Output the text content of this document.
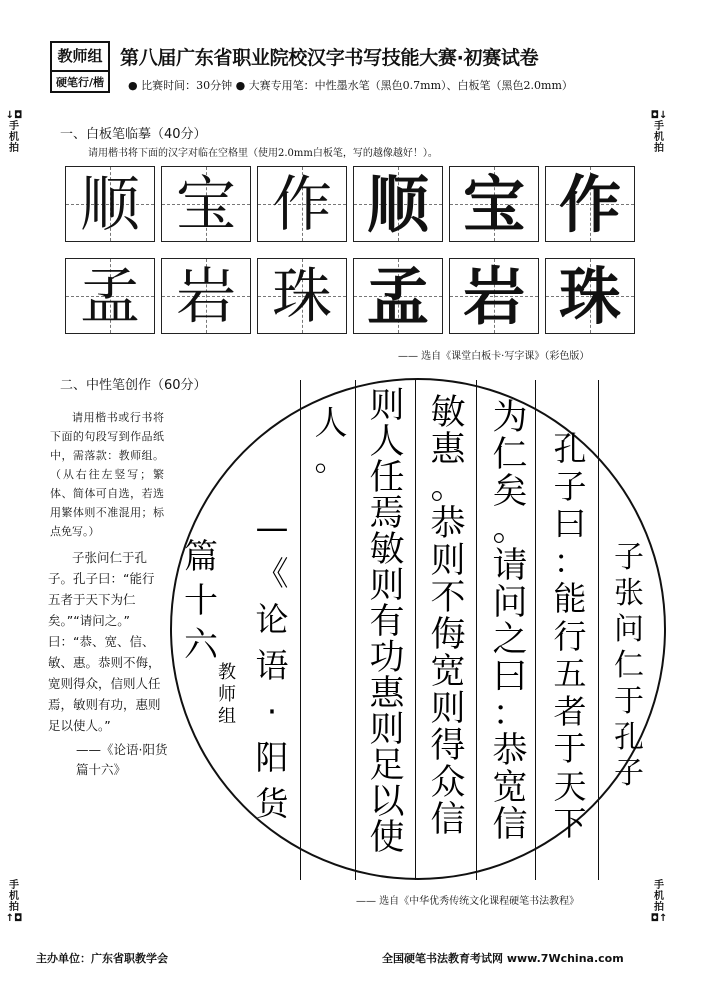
教师组
硬笔行/楷
第八届广东省职业院校汉字书写技能大赛·初赛试卷
● 比赛时间：30分钟 ● 大赛专用笔：中性墨水笔（黑色0.7mm）、白板笔（黑色2.0mm）
↓◘
手
机
拍
◘↓
手
机
拍
手
机
拍
↑◘
手
机
拍
◘↑
一、白板笔临摹（40分）
请用楷书将下面的汉字对临在空格里（使用2.0mm白板笔，写的越像越好！）。
顺 宝 作 顺 宝 作
孟 岩 珠 孟 岩 珠
—— 选自《课堂白板卡·写字课》（彩色版）
二、中性笔创作（60分）
请用楷书或行书将下面的句段写到作品纸中，需落款：教师组。（从右往左竖写；繁体、简体可自选，若选用繁体则不准混用；标点免写。）
子张问仁于孔子。孔子曰：“能行五者于天下为仁矣。”“请问之。” 曰：“恭、宽、信、敏、惠。恭则不侮，宽则得众，信则人任焉，敏则有功，惠则足以使人。”
——《论语·阳货篇十六》
子
张
问
仁
于
孔
子
孔
子
曰
：
能
行
五
者
于
天
下
为
仁
矣
。
请
问
之
曰
：
恭
宽
信
敏
惠
。
恭
则
不
侮
宽
则
得
众
信
则
人
任
焉
敏
则
有
功
惠
则
足
以
使
人
。
—
《
论
语
·
阳
货
篇
十
六
教
师
组
—— 选自《中华优秀传统文化课程硬笔书法教程》
主办单位：广东省职教学会	全国硬笔书法教育考试网 www.7Wchina.com
